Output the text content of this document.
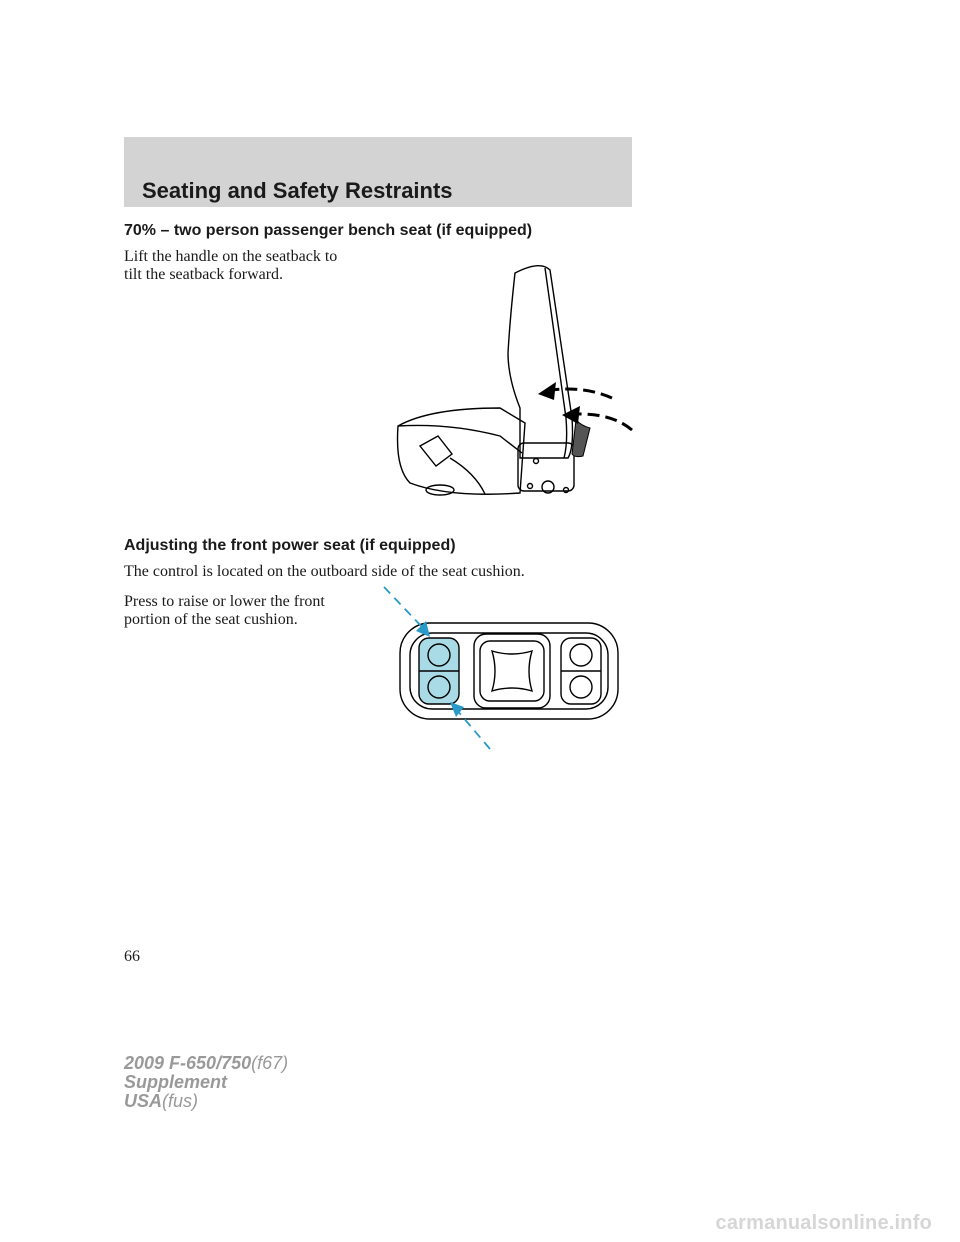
Seating and Safety Restraints
70% – two person passenger bench seat (if equipped)
Lift the handle on the seatback to
tilt the seatback forward.
Adjusting the front power seat (if equipped)
The control is located on the outboard side of the seat cushion.
Press to raise or lower the front
portion of the seat cushion.
66
2009 F-650/750(f67)
Supplement
USA(fus)
carmanualsonline.info
